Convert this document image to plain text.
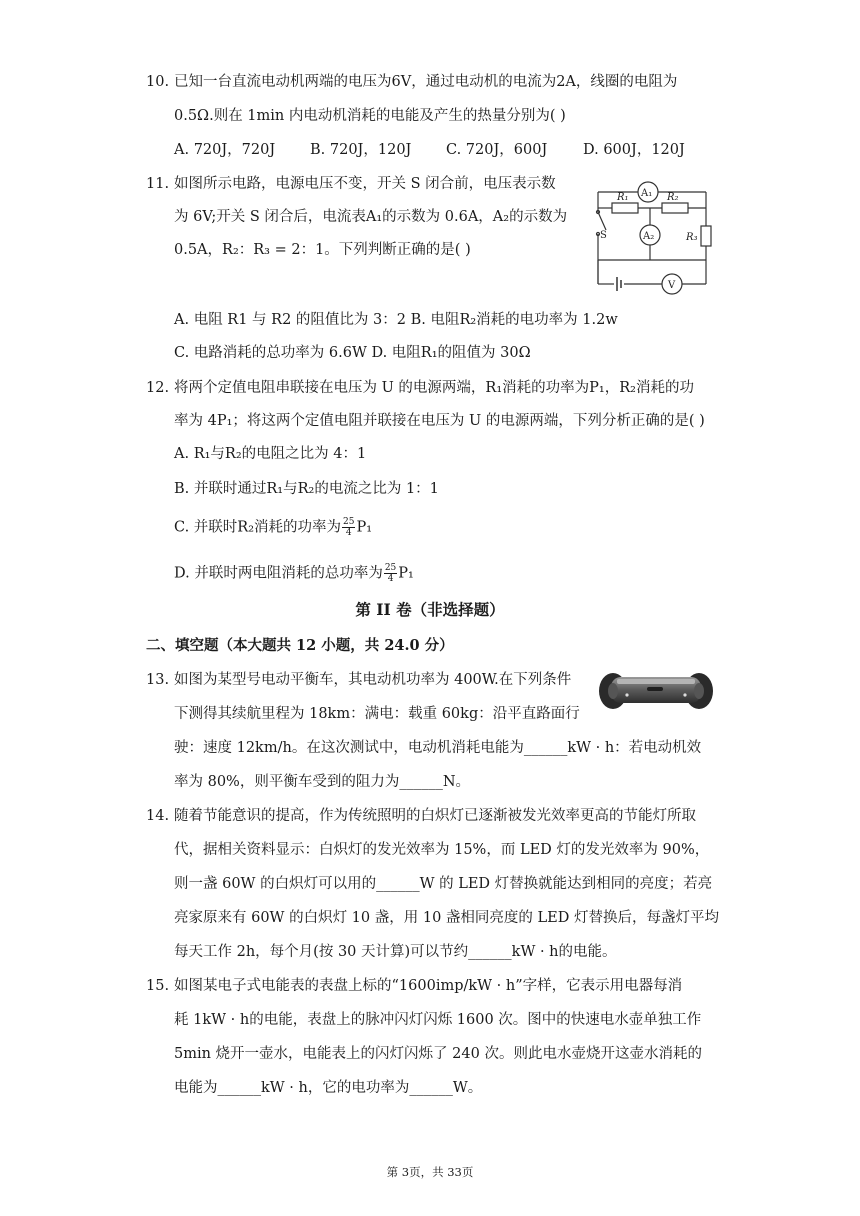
10. 已知一台直流电动机两端的电压为6V，通过电动机的电流为2A，线圈的电阻为
0.5Ω.则在 1min 内电动机消耗的电能及产生的热量分别为( )
A. 720J，720J B. 720J，120J C. 720J，600J D. 600J，120J
11. 如图所示电路，电源电压不变，开关 S 闭合前，电压表示数
为 6V;开关 S 闭合后，电流表A₁的示数为 0.6A，A₂的示数为
0.5A，R₂：R₃ = 2：1。下列判断正确的是( )
A₁
A₂
V
R₁	R₂
R₃
S
A. 电阻 R1 与 R2 的阻值比为 3：2 B. 电阻R₂消耗的电功率为 1.2w
C. 电路消耗的总功率为 6.6W D. 电阻R₁的阻值为 30Ω
12. 将两个定值电阻串联接在电压为 U 的电源两端，R₁消耗的功率为P₁，R₂消耗的功
率为 4P₁；将这两个定值电阻并联接在电压为 U 的电源两端，下列分析正确的是( )
A. R₁与R₂的电阻之比为 4：1
B. 并联时通过R₁与R₂的电流之比为 1：1
C. 并联时R₂消耗的功率为 $\frac{25}{4} P_1$
D. 并联时两电阻消耗的总功率为 $\frac{25}{4} P_1$
第 II 卷（非选择题）
二、填空题（本大题共 12 小题，共 24.0 分）
13. 如图为某型号电动平衡车，其电动机功率为 400W.在下列条件
下测得其续航里程为 18km：满电：载重 60kg：沿平直路面行
驶：速度 12km/h。在这次测试中，电动机消耗电能为______kW · h：若电动机效
率为 80%，则平衡车受到的阻力为______N。
14. 随着节能意识的提高，作为传统照明的白炽灯已逐渐被发光效率更高的节能灯所取
代，据相关资料显示：白炽灯的发光效率为 15%，而 LED 灯的发光效率为 90%，
则一盏 60W 的白炽灯可以用的______W 的 LED 灯替换就能达到相同的亮度；若亮
亮家原来有 60W 的白炽灯 10 盏，用 10 盏相同亮度的 LED 灯替换后，每盏灯平均
每天工作 2h，每个月(按 30 天计算)可以节约______kW · h的电能。
15. 如图某电子式电能表的表盘上标的“1600imp/kW · h”字样，它表示用电器每消
耗 1kW · h的电能，表盘上的脉冲闪灯闪烁 1600 次。图中的快速电水壶单独工作
5min 烧开一壶水，电能表上的闪灯闪烁了 240 次。则此电水壶烧开这壶水消耗的
电能为______kW · h，它的电功率为______W。
第 3页，共 33页
